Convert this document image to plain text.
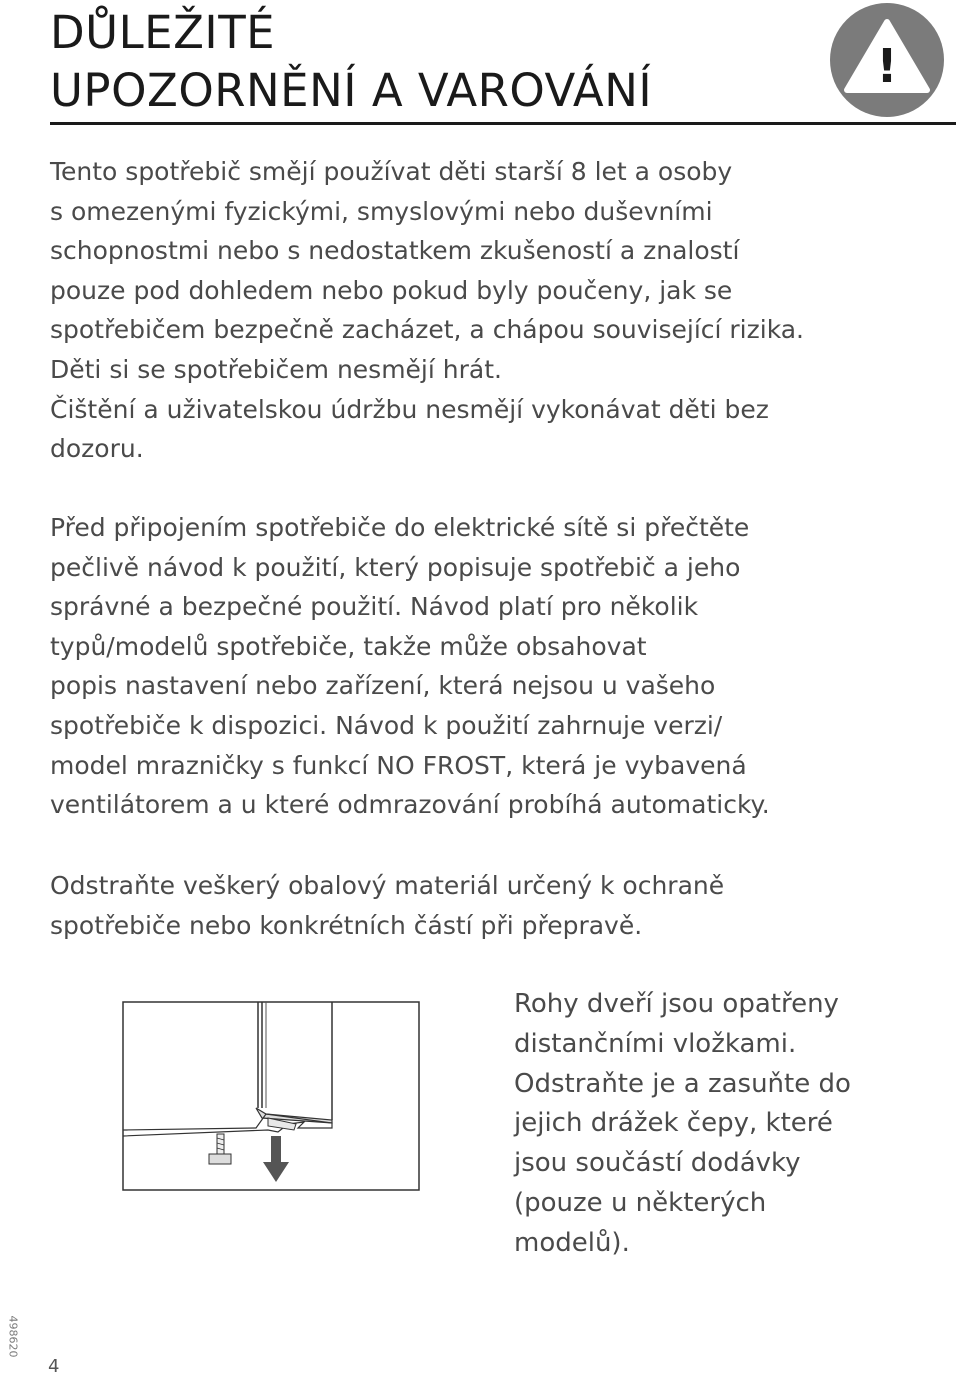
DŮLEŽITÉ
UPOZORNĚNÍ A VAROVÁNÍ	!
Tento spotřebič smějí používat děti starší 8 let a osoby
s omezenými fyzickými, smyslovými nebo duševními
schopnostmi nebo s nedostatkem zkušeností a znalostí
pouze pod dohledem nebo pokud byly poučeny, jak se
spotřebičem bezpečně zacházet, a chápou související rizika.
Děti si se spotřebičem nesmějí hrát.
Čištění a uživatelskou údržbu nesmějí vykonávat děti bez
dozoru.
Před připojením spotřebiče do elektrické sítě si přečtěte
pečlivě návod k použití, který popisuje spotřebič a jeho
správné a bezpečné použití. Návod platí pro několik
typů/modelů spotřebiče, takže může obsahovat
popis nastavení nebo zařízení, která nejsou u vašeho
spotřebiče k dispozici. Návod k použití zahrnuje verzi/
model mrazničky s funkcí NO FROST, která je vybavená
ventilátorem a u které odmrazování probíhá automaticky.
Odstraňte veškerý obalový materiál určený k ochraně
spotřebiče nebo konkrétních částí při přepravě.
Rohy dveří jsou opatřeny
distančními vložkami.
Odstraňte je a zasuňte do
jejich drážek čepy, které
jsou součástí dodávky
(pouze u některých
modelů).
498620
4
